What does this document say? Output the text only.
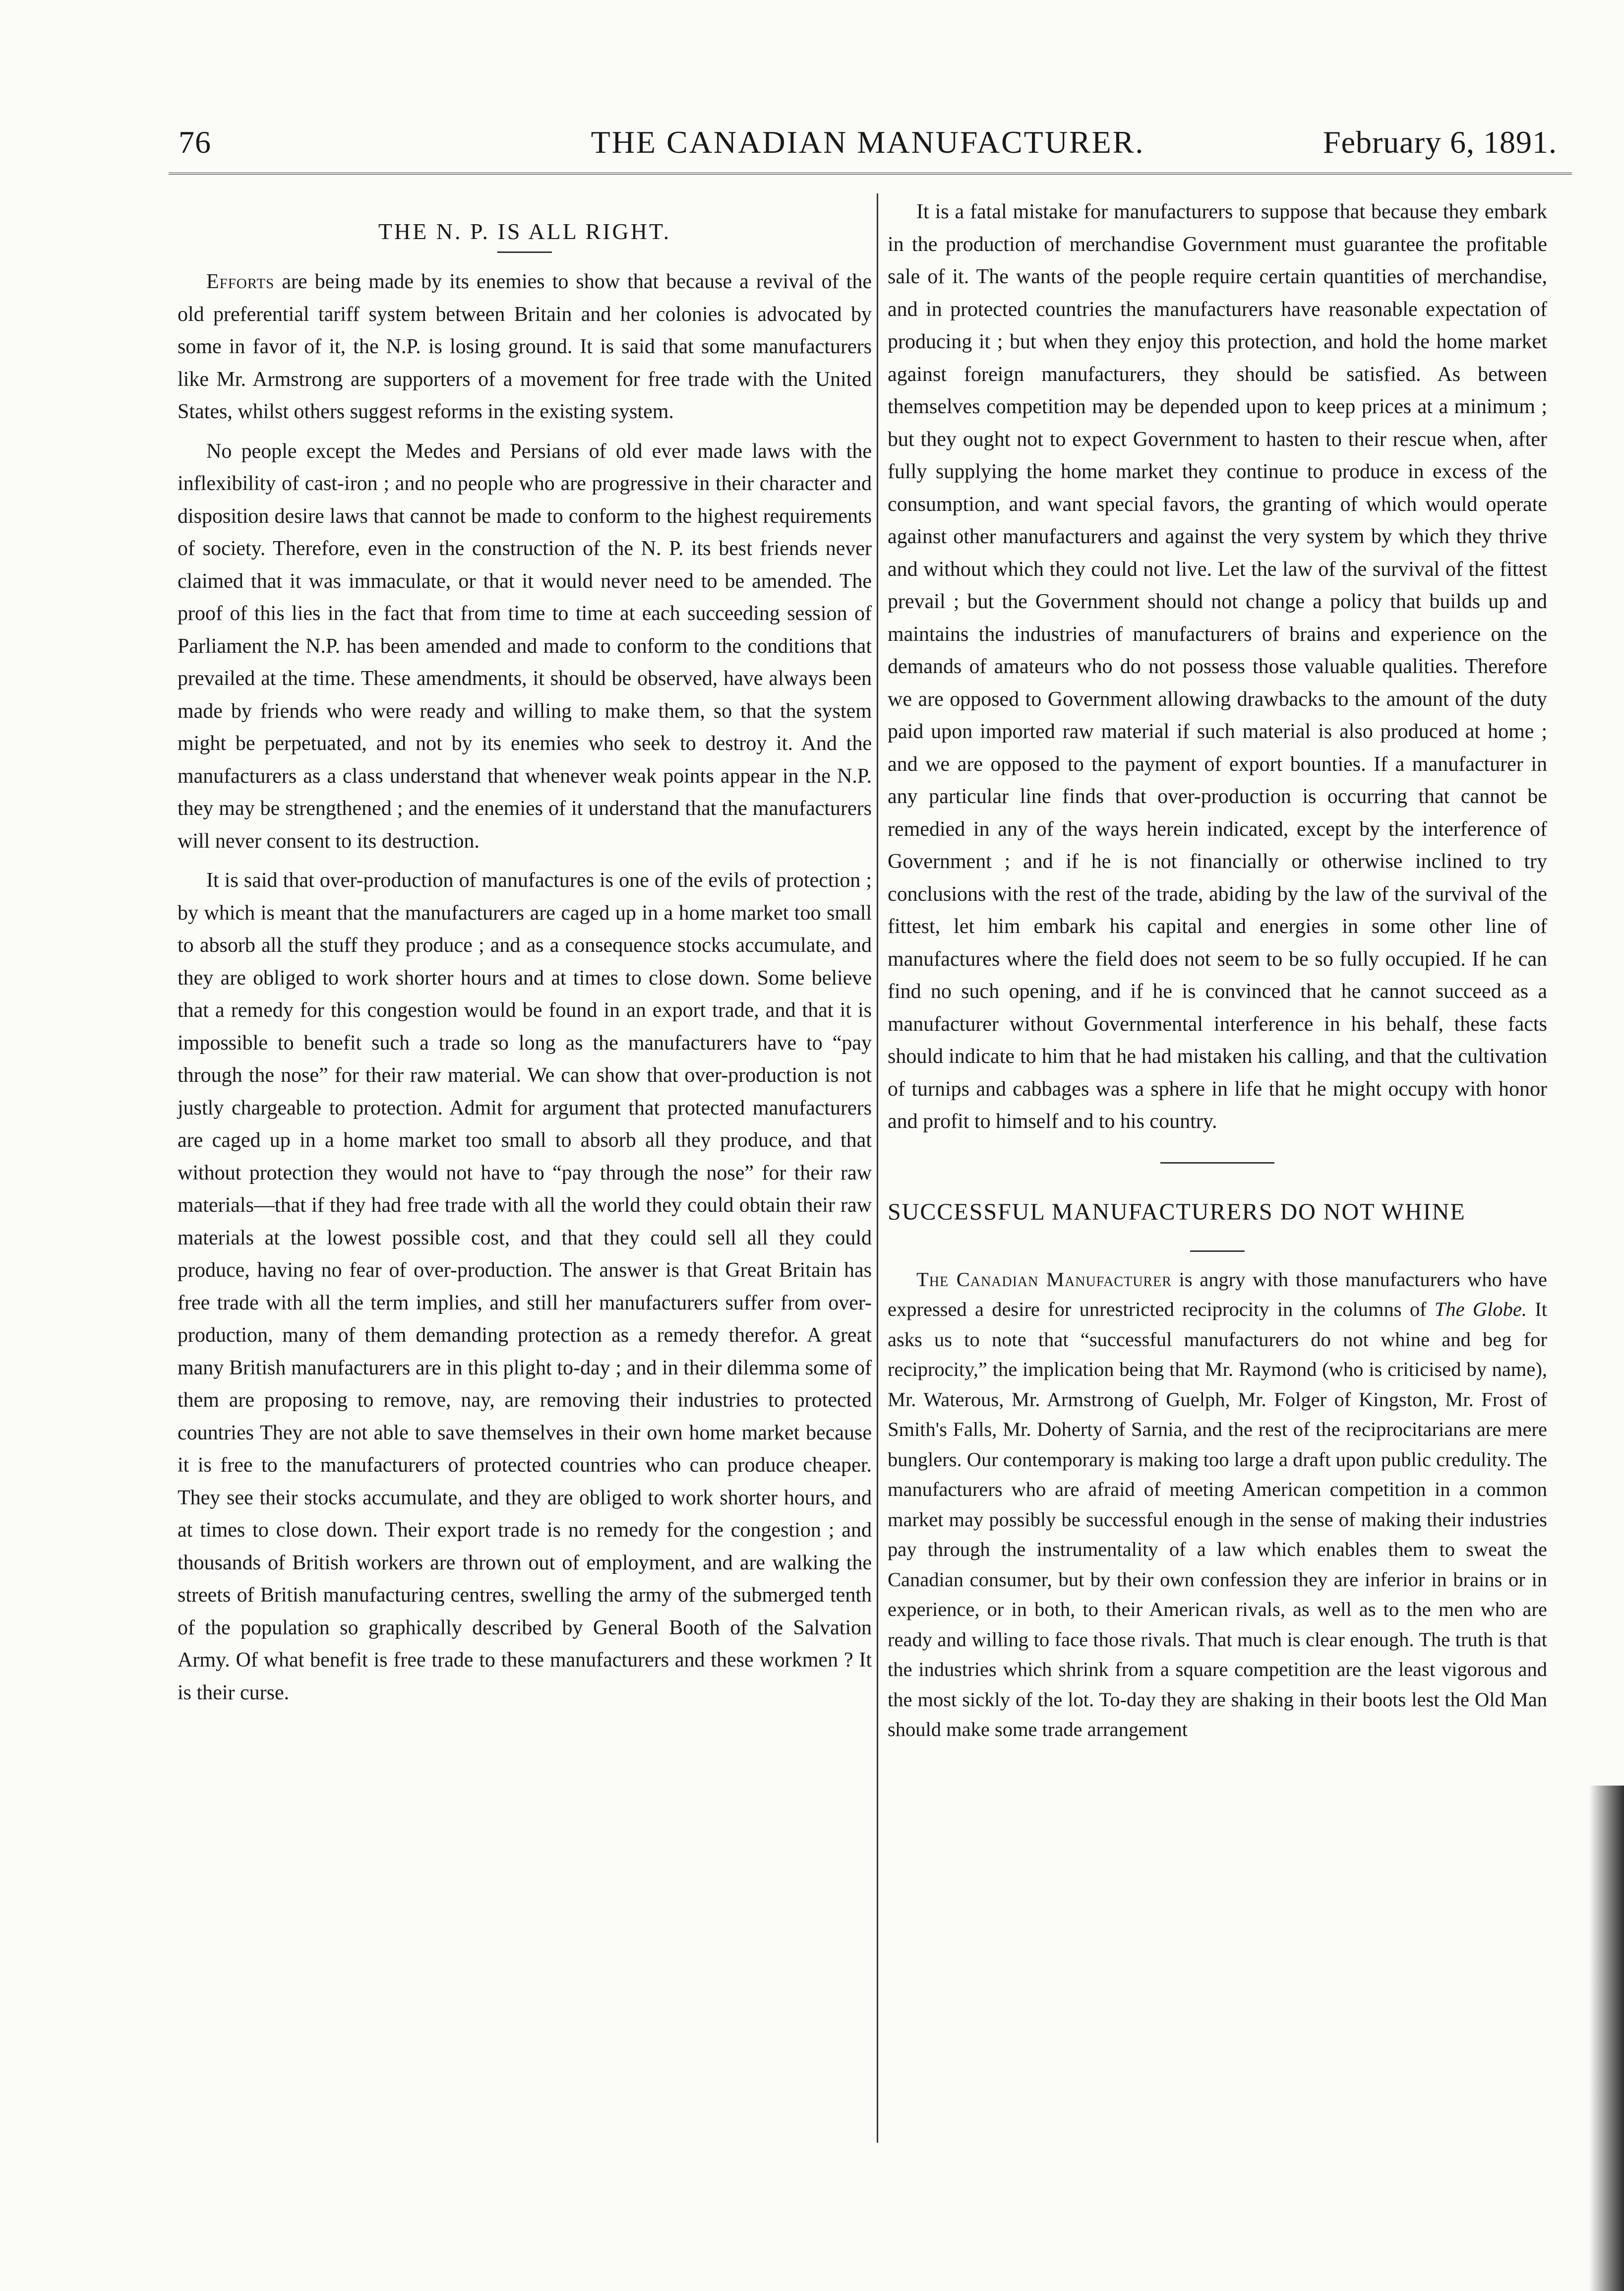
76	THE CANADIAN MANUFACTURER.	February 6, 1891.
THE N. P. IS ALL RIGHT.

Efforts are being made by its enemies to show that because a revival of the old preferential tariff system between Britain and her colonies is advocated by some in favor of it, the N.P. is losing ground. It is said that some manufacturers like Mr. Armstrong are supporters of a movement for free trade with the United States, whilst others suggest reforms in the existing system.

No people except the Medes and Persians of old ever made laws with the inflexibility of cast-iron ; and no people who are progressive in their character and disposition desire laws that cannot be made to conform to the highest requirements of society. Therefore, even in the construction of the N. P. its best friends never claimed that it was immaculate, or that it would never need to be amended. The proof of this lies in the fact that from time to time at each succeeding session of Parliament the N.P. has been amended and made to conform to the conditions that prevailed at the time. These amendments, it should be observed, have always been made by friends who were ready and willing to make them, so that the system might be perpetuated, and not by its enemies who seek to destroy it. And the manufacturers as a class understand that whenever weak points appear in the N.P. they may be strengthened ; and the enemies of it understand that the manufacturers will never consent to its destruction.

It is said that over-production of manufactures is one of the evils of protection ; by which is meant that the manufacturers are caged up in a home market too small to absorb all the stuff they produce ; and as a consequence stocks accumulate, and they are obliged to work shorter hours and at times to close down. Some believe that a remedy for this congestion would be found in an export trade, and that it is impossible to benefit such a trade so long as the manufacturers have to “pay through the nose” for their raw material. We can show that over-production is not justly chargeable to protection. Admit for argument that protected manufacturers are caged up in a home market too small to absorb all they produce, and that without protection they would not have to “pay through the nose” for their raw materials—that if they had free trade with all the world they could obtain their raw materials at the lowest possible cost, and that they could sell all they could produce, having no fear of over-production. The answer is that Great Britain has free trade with all the term implies, and still her manufacturers suffer from over-production, many of them demanding protection as a remedy therefor. A great many British manufacturers are in this plight to-day ; and in their dilemma some of them are proposing to remove, nay, are removing their industries to protected countries They are not able to save themselves in their own home market because it is free to the manufacturers of protected countries who can produce cheaper. They see their stocks accumulate, and they are obliged to work shorter hours, and at times to close down. Their export trade is no remedy for the congestion ; and thousands of British workers are thrown out of employment, and are walking the streets of British manufacturing centres, swelling the army of the submerged tenth of the population so graphically described by General Booth of the Salvation Army. Of what benefit is free trade to these manufacturers and these workmen ? It is their curse.

It is a fatal mistake for manufacturers to suppose that because they embark in the production of merchandise Government must guarantee the profitable sale of it. The wants of the people require certain quantities of merchandise, and in protected countries the manufacturers have reasonable expectation of producing it ; but when they enjoy this protection, and hold the home market against foreign manufacturers, they should be satisfied. As between themselves competition may be depended upon to keep prices at a minimum ; but they ought not to expect Government to hasten to their rescue when, after fully supplying the home market they continue to produce in excess of the consumption, and want special favors, the granting of which would operate against other manufacturers and against the very system by which they thrive and without which they could not live. Let the law of the survival of the fittest prevail ; but the Government should not change a policy that builds up and maintains the industries of manufacturers of brains and experience on the demands of amateurs who do not possess those valuable qualities. Therefore we are opposed to Government allowing drawbacks to the amount of the duty paid upon imported raw material if such material is also produced at home ; and we are opposed to the payment of export bounties. If a manufacturer in any particular line finds that over-production is occurring that cannot be remedied in any of the ways herein indicated, except by the interference of Government ; and if he is not financially or otherwise inclined to try conclusions with the rest of the trade, abiding by the law of the survival of the fittest, let him embark his capital and energies in some other line of manufactures where the field does not seem to be so fully occupied. If he can find no such opening, and if he is convinced that he cannot succeed as a manufacturer without Governmental interference in his behalf, these facts should indicate to him that he had mistaken his calling, and that the cultivation of turnips and cabbages was a sphere in life that he might occupy with honor and profit to himself and to his country.

SUCCESSFUL MANUFACTURERS DO NOT WHINE

The Canadian Manufacturer is angry with those manufacturers who have expressed a desire for unrestricted reciprocity in the columns of The Globe. It asks us to note that “successful manufacturers do not whine and beg for reciprocity,” the implication being that Mr. Raymond (who is criticised by name), Mr. Waterous, Mr. Armstrong of Guelph, Mr. Folger of Kingston, Mr. Frost of Smith's Falls, Mr. Doherty of Sarnia, and the rest of the reciprocitarians are mere bunglers. Our contemporary is making too large a draft upon public credulity. The manufacturers who are afraid of meeting American competition in a common market may possibly be successful enough in the sense of making their industries pay through the instrumentality of a law which enables them to sweat the Canadian consumer, but by their own confession they are inferior in brains or in experience, or in both, to their American rivals, as well as to the men who are ready and willing to face those rivals. That much is clear enough. The truth is that the industries which shrink from a square competition are the least vigorous and the most sickly of the lot. To-day they are shaking in their boots lest the Old Man should make some trade arrangement
